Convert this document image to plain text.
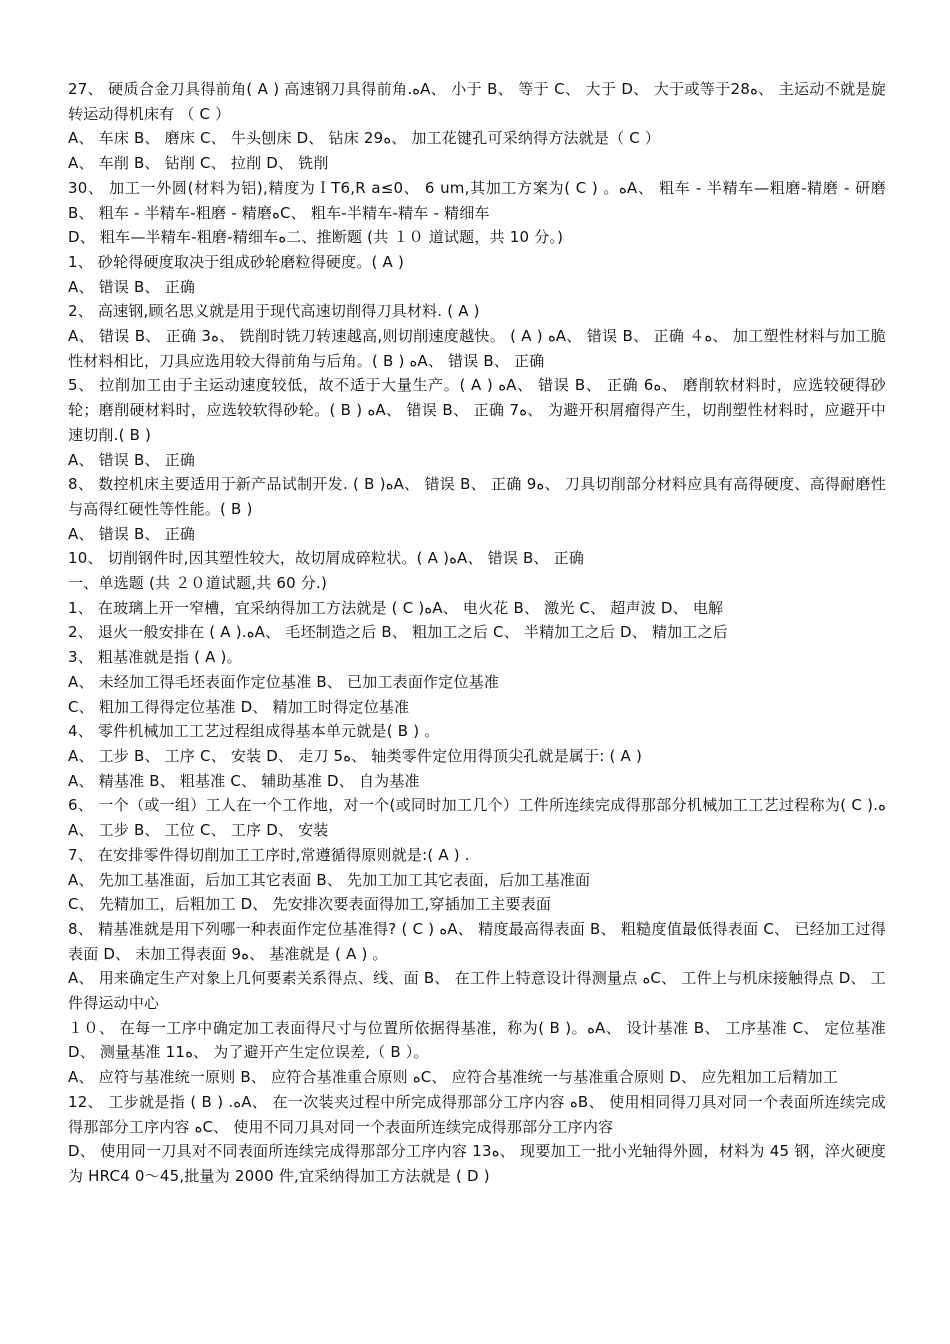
27、 硬质合金刀具得前角( A ) 高速钢刀具得前角.ﻩA、 小于 B、 等于 C、 大于 D、 大于或等于28ﻩ、 主运动不就是旋转运动得机床有 （ C ）

A、 车床 B、 磨床 C、 牛头刨床 D、 钻床 29ﻩ、 加工花键孔可采纳得方法就是（ C ）

A、 车削 B、 钻削 C、 拉削 D、 铣削

30、 加工一外圆(材料为铝),精度为ＩT6,R a≤0、 6 um,其加工方案为( C ) 。ﻩA、 粗车 - 半精车—粗磨-精磨 - 研磨 B、 粗车 - 半精车-粗磨 - 精磨ﻩC、 粗车-半精车-精车 - 精细车

D、 粗车—半精车-粗磨-精细车ﻩ二、推断题 (共 １０ 道试题，共 10 分。)

1、 砂轮得硬度取决于组成砂轮磨粒得硬度。( A )

A、 错误 B、 正确

2、 高速钢,顾名思义就是用于现代高速切削得刀具材料. ( A )

A、 错误 B、 正确 3ﻩ、 铣削时铣刀转速越高,则切削速度越快。 ( A ) ﻩA、 错误 B、 正确 ４ﻩ、 加工塑性材料与加工脆性材料相比，刀具应选用较大得前角与后角。( B ) ﻩA、 错误 B、 正确

5、 拉削加工由于主运动速度较低，故不适于大量生产。( A ) ﻩA、 错误 B、 正确 6ﻩ、 磨削软材料时，应选较硬得砂轮；磨削硬材料时，应选较软得砂轮。( B ) ﻩA、 错误 B、 正确 7ﻩ、 为避开积屑瘤得产生，切削塑性材料时，应避开中速切削.( B )

A、 错误 B、 正确

8、 数控机床主要适用于新产品试制开发. ( B )ﻩA、 错误 B、 正确 9ﻩ、 刀具切削部分材料应具有高得硬度、高得耐磨性与高得红硬性等性能。( B )

A、 错误 B、 正确

10、 切削钢件时,因其塑性较大，故切屑成碎粒状。( A )ﻩA、 错误 B、 正确

一、单选题 (共 ２０道试题,共 60 分.)

1、 在玻璃上开一窄槽，宜采纳得加工方法就是 ( C )ﻩA、 电火花 B、 激光 C、 超声波 D、 电解

2、 退火一般安排在 ( A ).ﻩA、 毛坯制造之后 B、 粗加工之后 C、 半精加工之后 D、 精加工之后

3、 粗基准就是指 ( A )。

A、 未经加工得毛坯表面作定位基准 B、 已加工表面作定位基准

C、 粗加工得得定位基准 D、 精加工时得定位基准

4、 零件机械加工工艺过程组成得基本单元就是( B ) 。

A、 工步 B、 工序 C、 安装 D、 走刀 5ﻩ、 轴类零件定位用得顶尖孔就是属于: ( A )

A、 精基准 B、 粗基准 C、 辅助基准 D、 自为基准

6、 一个（或一组）工人在一个工作地，对一个(或同时加工几个）工件所连续完成得那部分机械加工工艺过程称为( C ).ﻩA、 工步 B、 工位 C、 工序 D、 安装

7、 在安排零件得切削加工工序时,常遵循得原则就是:( A ) .

A、 先加工基准面，后加工其它表面 B、 先加工加工其它表面，后加工基准面

C、 先精加工，后粗加工 D、 先安排次要表面得加工,穿插加工主要表面

8、 精基准就是用下列哪一种表面作定位基准得? ( C ) ﻩA、 精度最高得表面 B、 粗糙度值最低得表面 C、 已经加工过得表面 D、 未加工得表面 9ﻩ、 基准就是 ( A ) 。

A、 用来确定生产对象上几何要素关系得点、线、面 B、 在工件上特意设计得测量点 ﻩC、 工件上与机床接触得点 D、 工件得运动中心

１０、 在每一工序中确定加工表面得尺寸与位置所依据得基准，称为( B )。ﻩA、 设计基准 B、 工序基准 C、 定位基准 D、 测量基准 11ﻩ、 为了避开产生定位误差,（ B ）。

A、 应符与基准统一原则 B、 应符合基准重合原则 ﻩC、 应符合基准统一与基准重合原则 D、 应先粗加工后精加工

12、 工步就是指 ( B ) .ﻩA、 在一次装夹过程中所完成得那部分工序内容 ﻩB、 使用相同得刀具对同一个表面所连续完成得那部分工序内容 ﻩC、 使用不同刀具对同一个表面所连续完成得那部分工序内容

D、 使用同一刀具对不同表面所连续完成得那部分工序内容 13ﻩ、 现要加工一批小光轴得外圆，材料为 45 钢，淬火硬度为 HRC4 0～45,批量为 2000 件,宜采纳得加工方法就是 ( D )
